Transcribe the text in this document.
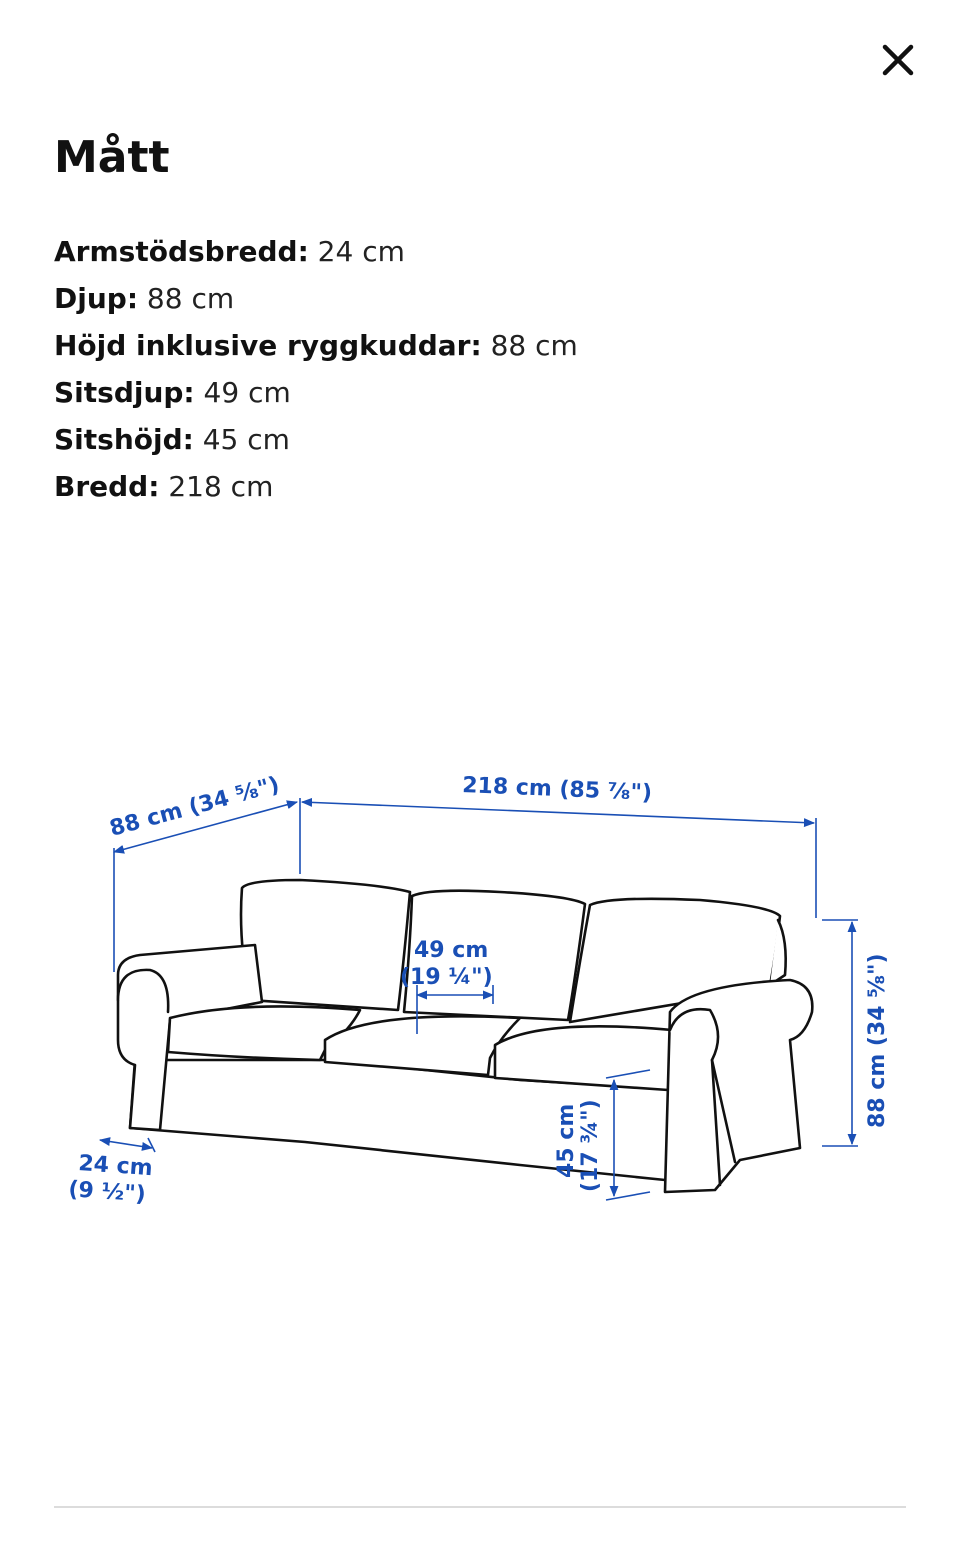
Mått
Armstödsbredd: 24 cm
Djup: 88 cm
Höjd inklusive ryggkuddar: 88 cm
Sitsdjup: 49 cm
Sitshöjd: 45 cm
Bredd: 218 cm
88 cm (34 ⅝")	218 cm (85 ⅞")
49 cm
(19 ¼")	88 cm (34 ⅝")
45 cm (17 ¾")
24 cm
(9 ½")
